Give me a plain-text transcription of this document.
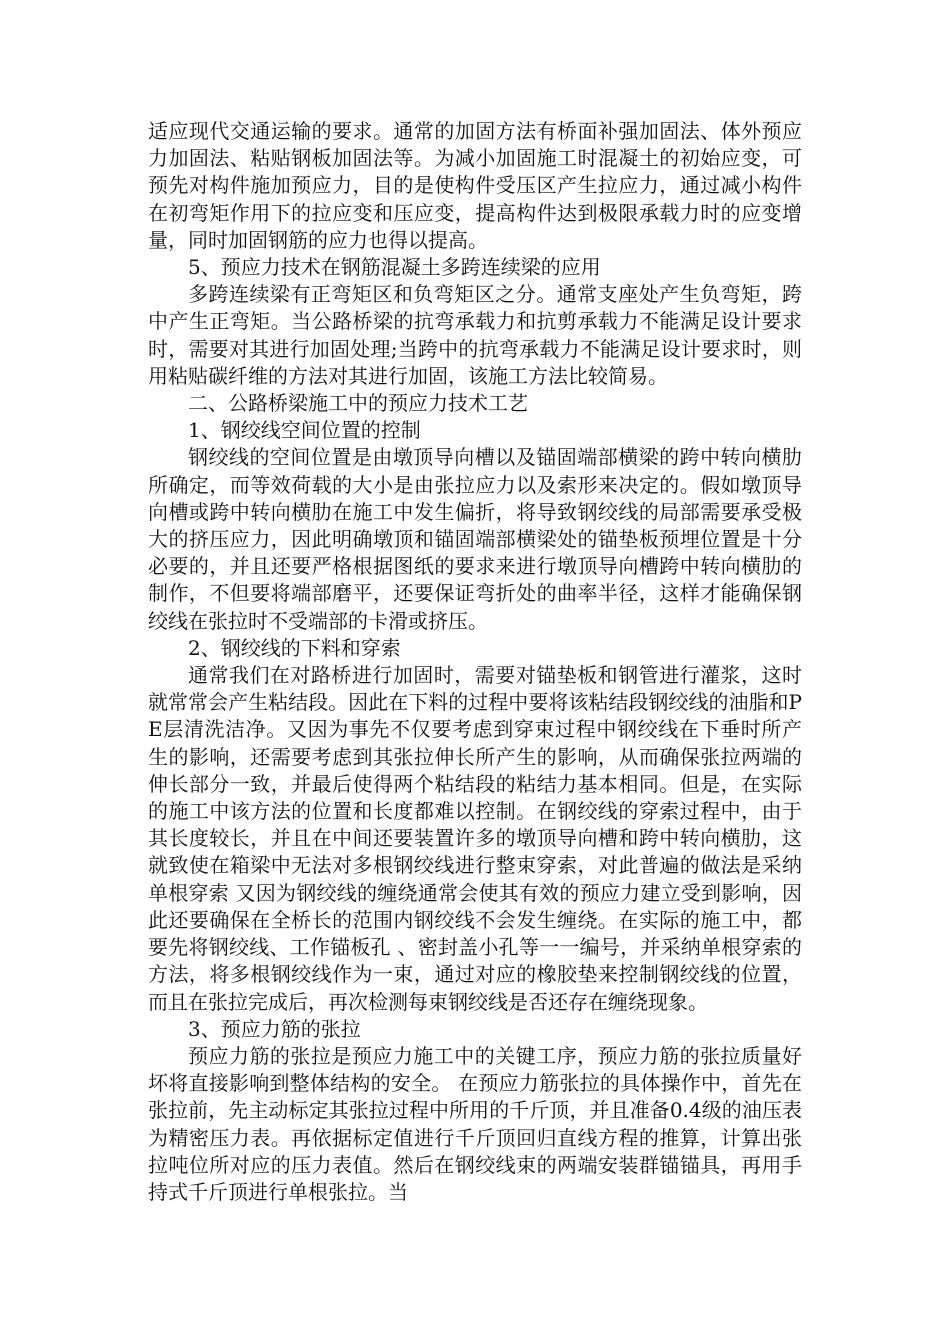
适应现代交通运输的要求。通常的加固方法有桥面补强加固法、体外预应力加固法、粘贴钢板加固法等。为减小加固施工时混凝土的初始应变，可预先对构件施加预应力，目的是使构件受压区产生拉应力，通过减小构件在初弯矩作用下的拉应变和压应变，提高构件达到极限承载力时的应变增量，同时加固钢筋的应力也得以提高。

5、预应力技术在钢筋混凝土多跨连续梁的应用

多跨连续梁有正弯矩区和负弯矩区之分。通常支座处产生负弯矩，跨中产生正弯矩。当公路桥梁的抗弯承载力和抗剪承载力不能满足设计要求时，需要对其进行加固处理;当跨中的抗弯承载力不能满足设计要求时，则用粘贴碳纤维的方法对其进行加固，该施工方法比较简易。

二、公路桥梁施工中的预应力技术工艺

1、钢绞线空间位置的控制

钢绞线的空间位置是由墩顶导向槽以及锚固端部横梁的跨中转向横肋所确定，而等效荷载的大小是由张拉应力以及索形来决定的。假如墩顶导向槽或跨中转向横肋在施工中发生偏折，将导致钢绞线的局部需要承受极大的挤压应力，因此明确墩顶和锚固端部横梁处的锚垫板预埋位置是十分必要的，并且还要严格根据图纸的要求来进行墩顶导向槽跨中转向横肋的制作，不但要将端部磨平，还要保证弯折处的曲率半径，这样才能确保钢绞线在张拉时不受端部的卡滑或挤压。

2、钢绞线的下料和穿索

通常我们在对路桥进行加固时，需要对锚垫板和钢管进行灌浆，这时就常常会产生粘结段。因此在下料的过程中要将该粘结段钢绞线的油脂和PE层清洗洁净。又因为事先不仅要考虑到穿束过程中钢绞线在下垂时所产生的影响，还需要考虑到其张拉伸长所产生的影响，从而确保张拉两端的伸长部分一致，并最后使得两个粘结段的粘结力基本相同。但是，在实际的施工中该方法的位置和长度都难以控制。在钢绞线的穿索过程中，由于其长度较长，并且在中间还要装置许多的墩顶导向槽和跨中转向横肋，这就致使在箱梁中无法对多根钢绞线进行整束穿索，对此普遍的做法是采纳单根穿索 又因为钢绞线的缠绕通常会使其有效的预应力建立受到影响，因此还要确保在全桥长的范围内钢绞线不会发生缠绕。在实际的施工中，都要先将钢绞线、工作锚板孔 、密封盖小孔等一一编号，并采纳单根穿索的方法，将多根钢绞线作为一束，通过对应的橡胶垫来控制钢绞线的位置，而且在张拉完成后，再次检测每束钢绞线是否还存在缠绕现象。

3、预应力筋的张拉

预应力筋的张拉是预应力施工中的关键工序，预应力筋的张拉质量好坏将直接影响到整体结构的安全。 在预应力筋张拉的具体操作中，首先在张拉前，先主动标定其张拉过程中所用的千斤顶，并且准备0.4级的油压表为精密压力表。再依据标定值进行千斤顶回归直线方程的推算，计算出张拉吨位所对应的压力表值。然后在钢绞线束的两端安装群锚锚具，再用手持式千斤顶进行单根张拉。当
